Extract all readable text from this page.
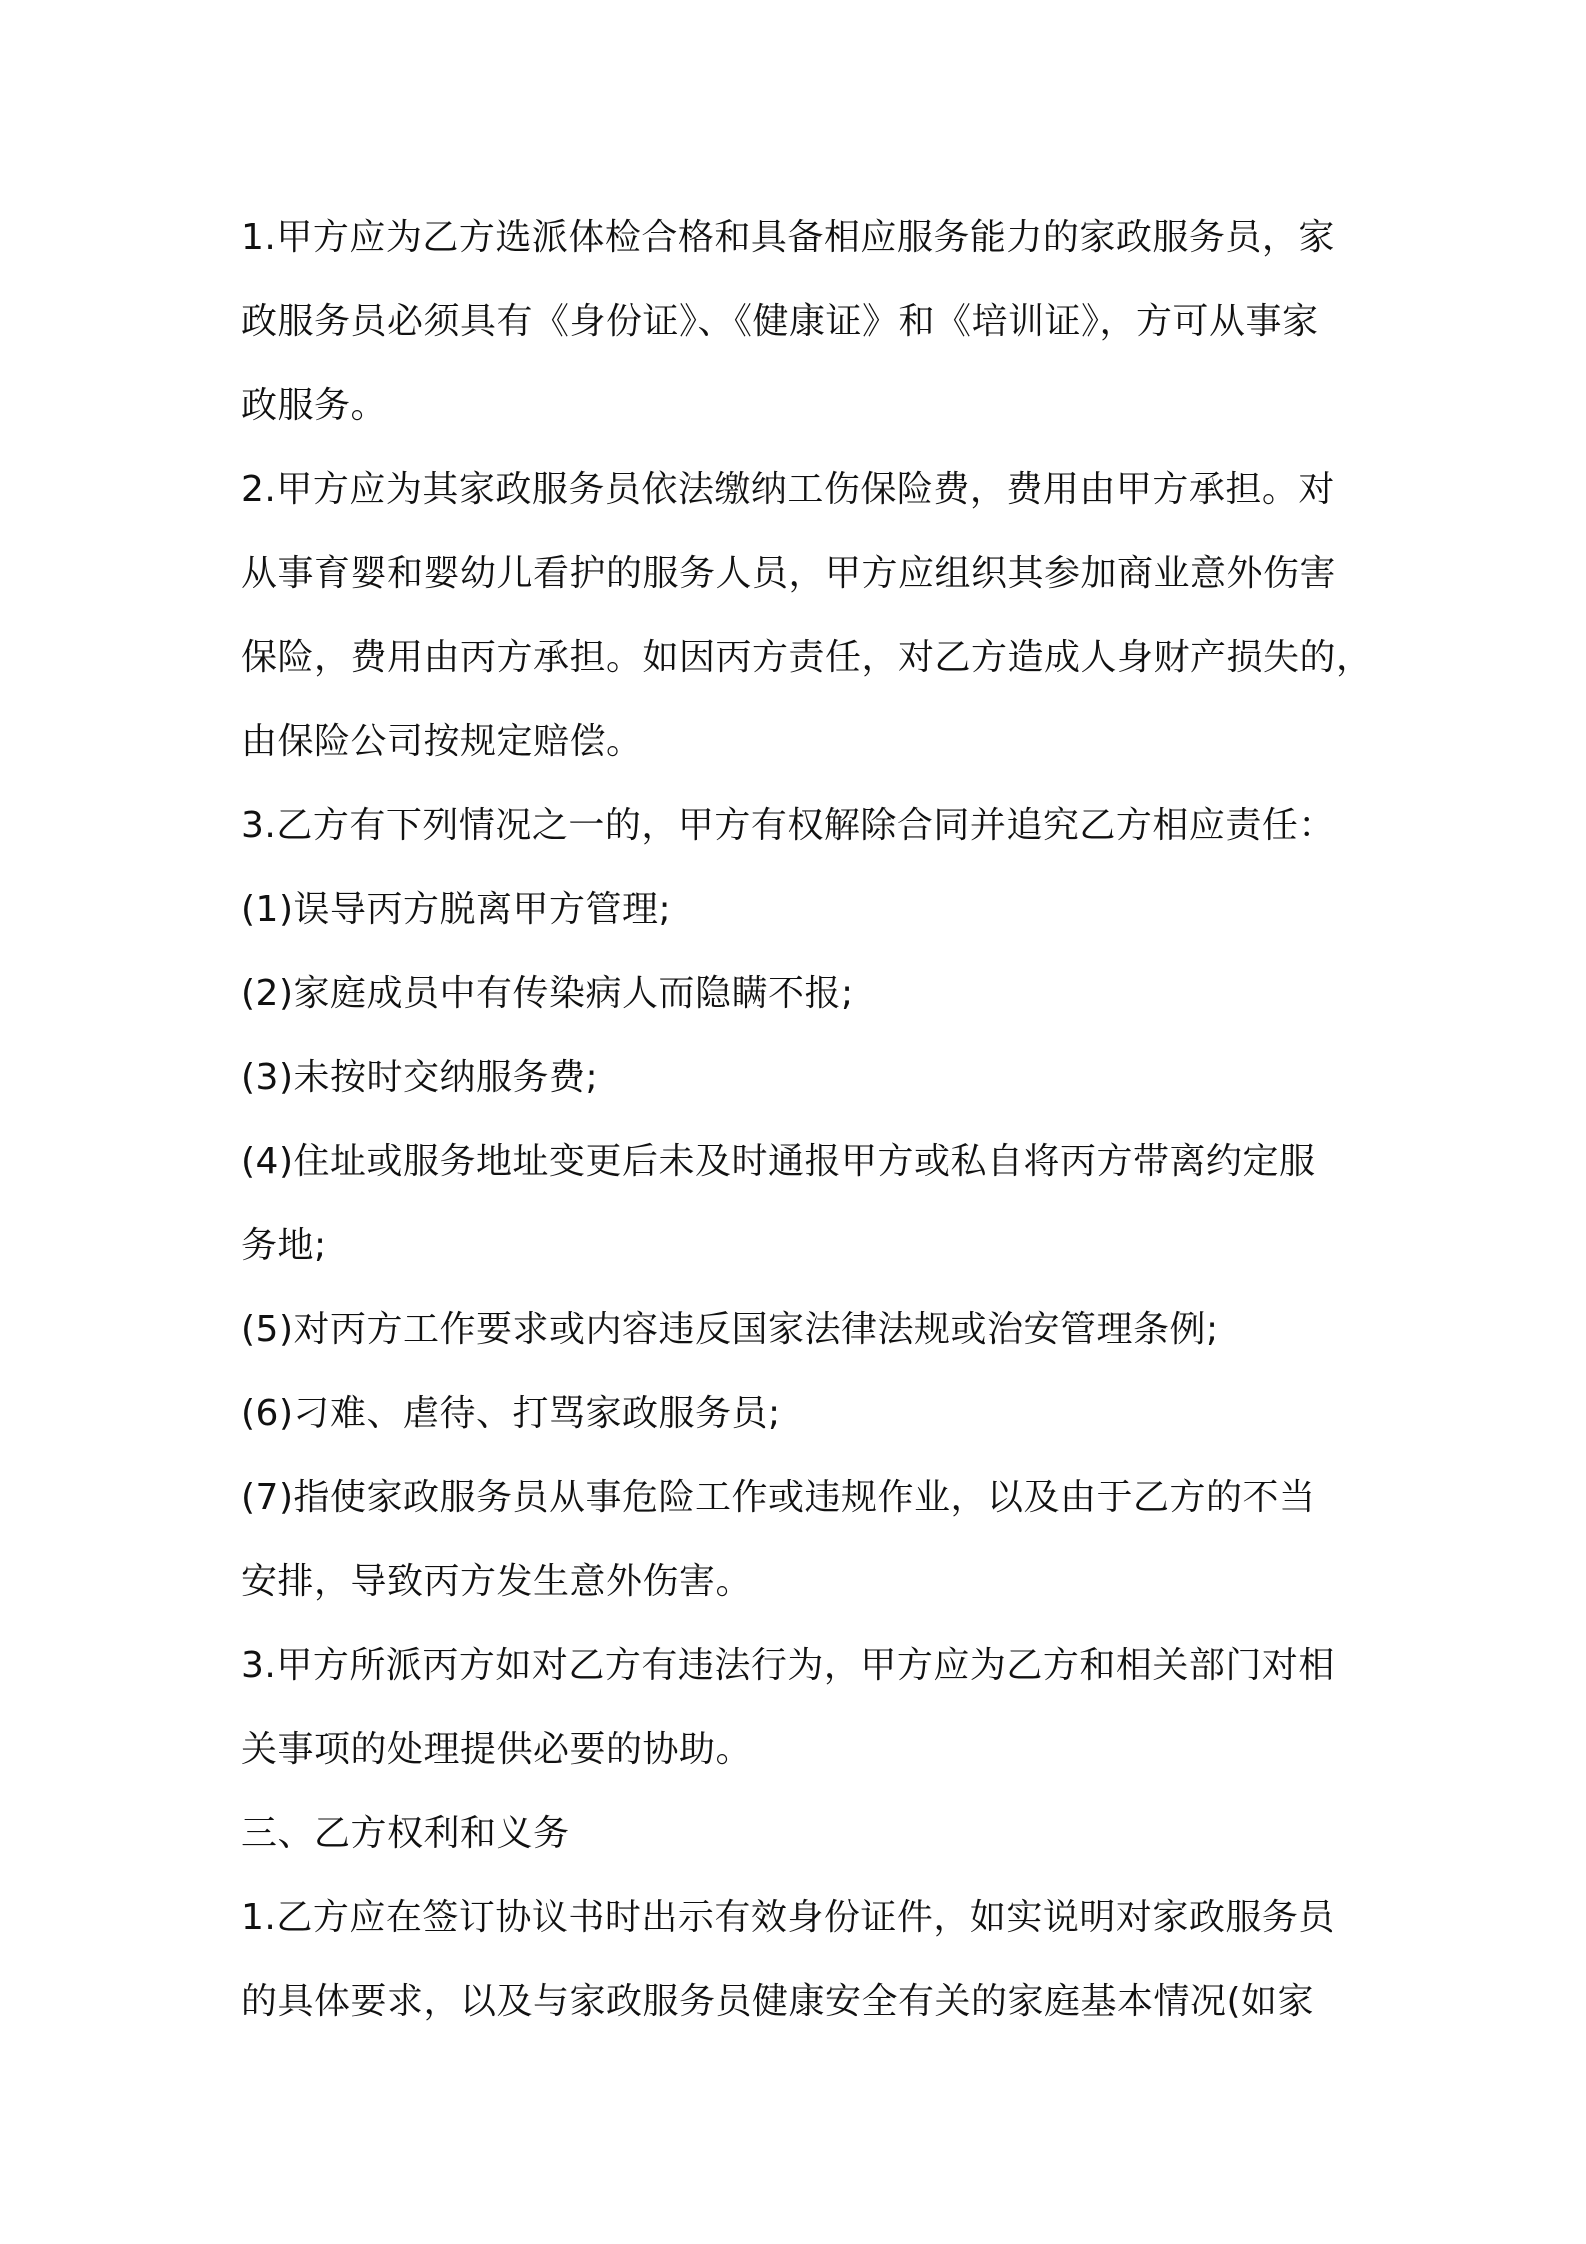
1.甲方应为乙方选派体检合格和具备相应服务能力的家政服务员，家
政服务员必须具有《身份证》、《健康证》和《培训证》，方可从事家
政服务。
2.甲方应为其家政服务员依法缴纳工伤保险费，费用由甲方承担。对
从事育婴和婴幼儿看护的服务人员，甲方应组织其参加商业意外伤害
保险，费用由丙方承担。如因丙方责任，对乙方造成人身财产损失的，
由保险公司按规定赔偿。
3.乙方有下列情况之一的，甲方有权解除合同并追究乙方相应责任：
(1)误导丙方脱离甲方管理;
(2)家庭成员中有传染病人而隐瞒不报;
(3)未按时交纳服务费;
(4)住址或服务地址变更后未及时通报甲方或私自将丙方带离约定服
务地;
(5)对丙方工作要求或内容违反国家法律法规或治安管理条例;
(6)刁难、虐待、打骂家政服务员;
(7)指使家政服务员从事危险工作或违规作业，以及由于乙方的不当
安排，导致丙方发生意外伤害。
3.甲方所派丙方如对乙方有违法行为，甲方应为乙方和相关部门对相
关事项的处理提供必要的协助。
三、乙方权利和义务
1.乙方应在签订协议书时出示有效身份证件，如实说明对家政服务员
的具体要求，以及与家政服务员健康安全有关的家庭基本情况(如家
